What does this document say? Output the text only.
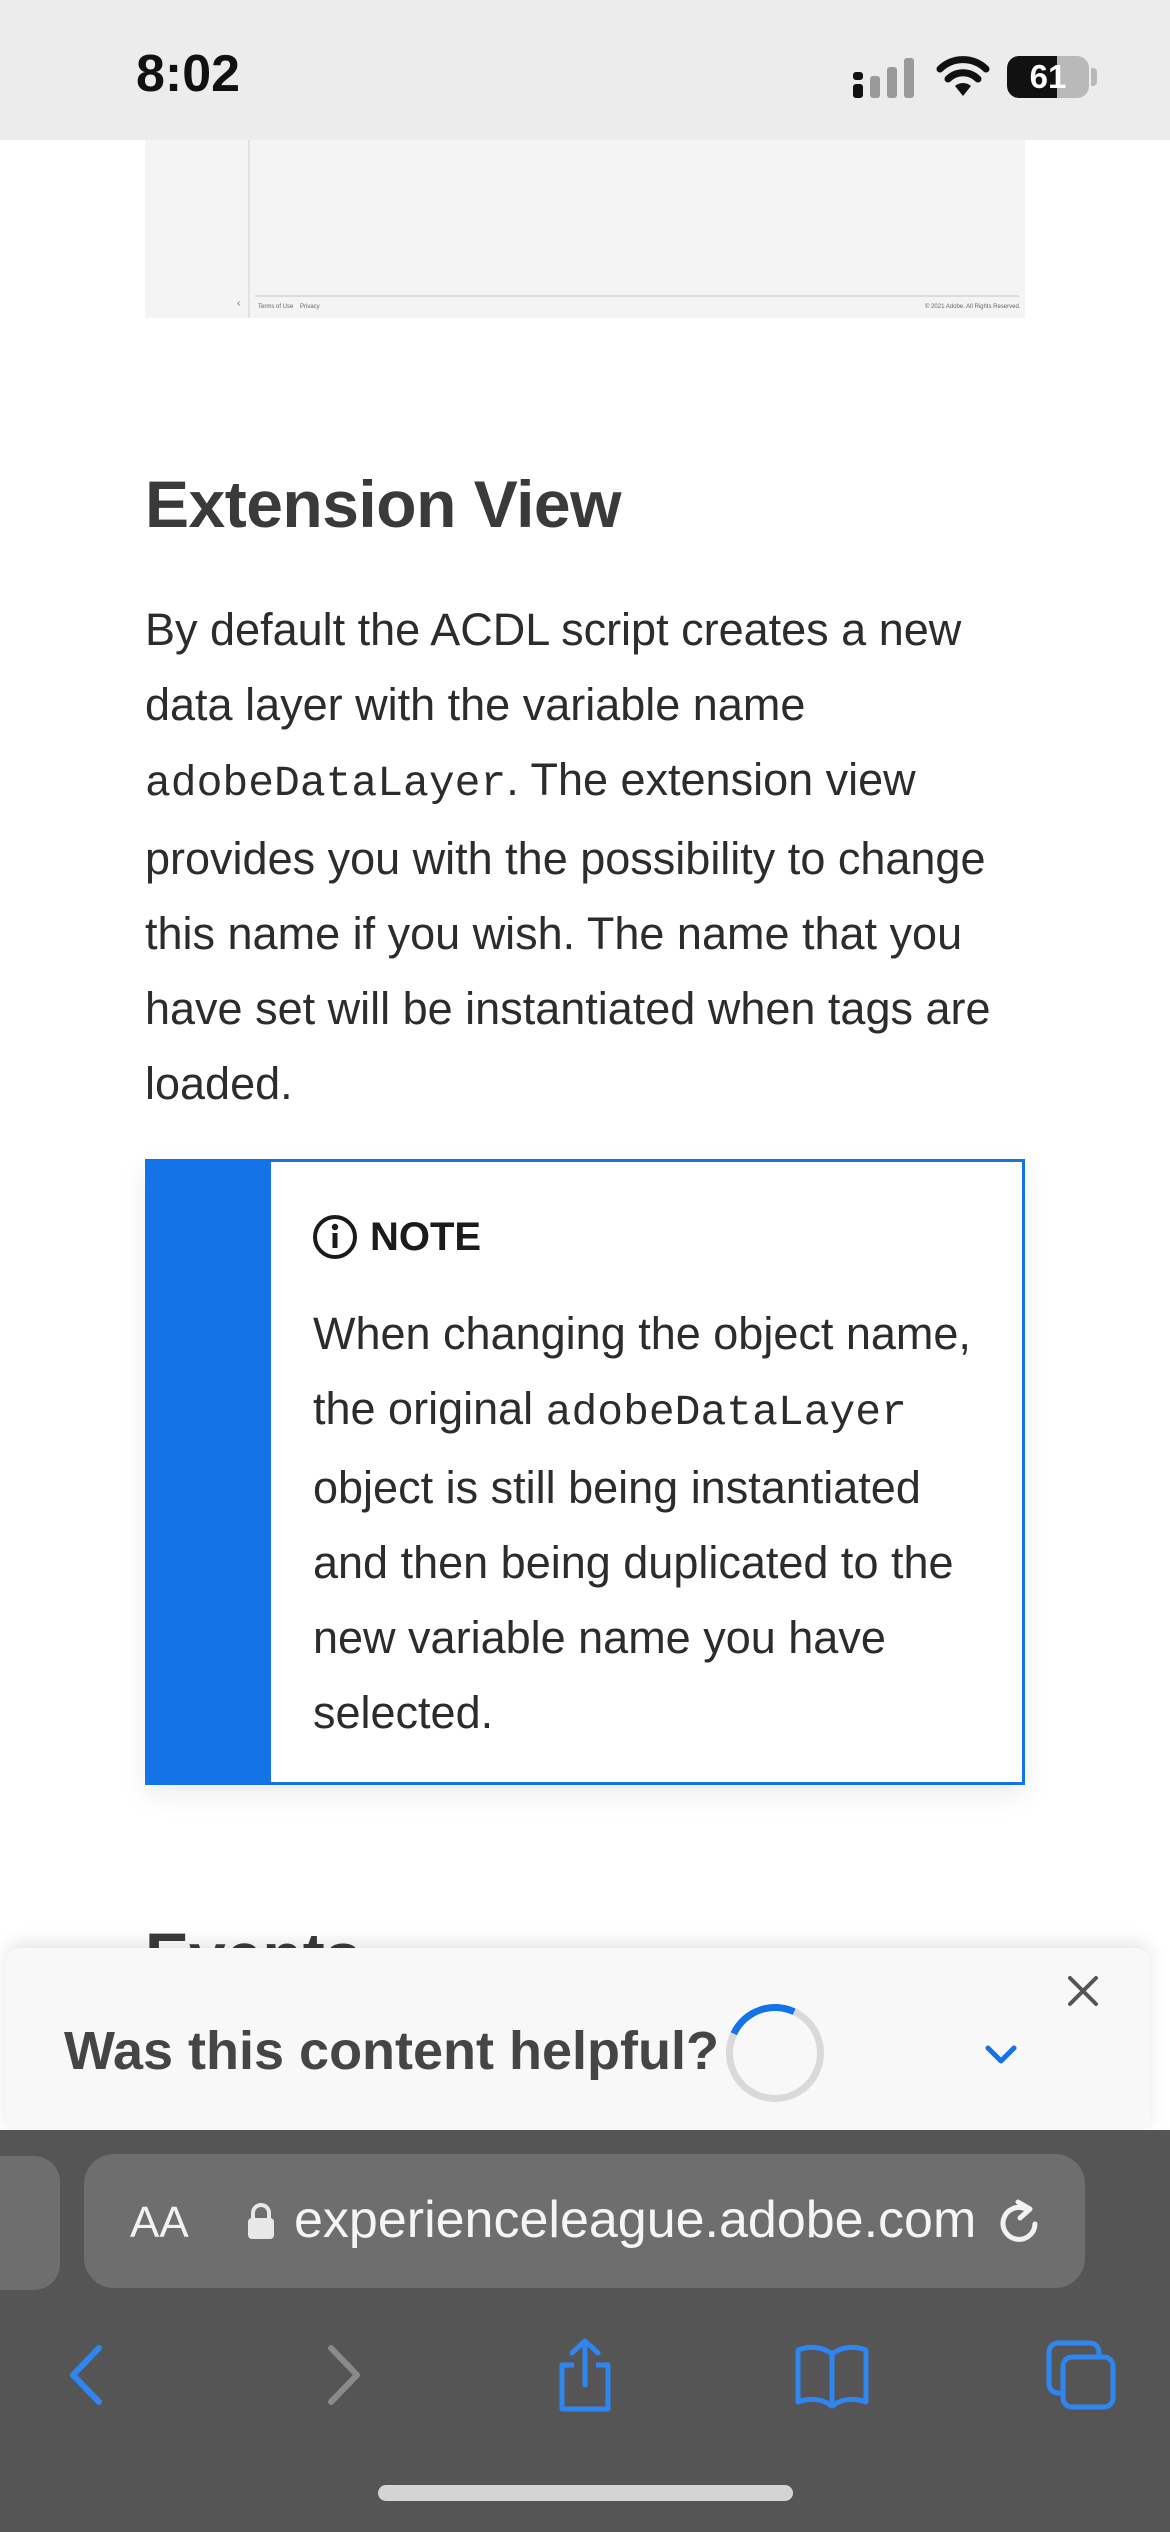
8:02	61
‹	Terms of Use Privacy	© 2021 Adobe. All Rights Reserved.
Extension View

By default the ACDL script creates a new data layer with the variable name adobeDataLayer. The extension view provides you with the possibility to change this name if you wish. The name that you have set will be instantiated when tags are loaded.

NOTE

When changing the object name, the original adobeDataLayer object is still being instantiated and then being duplicated to the new variable name you have selected.

Was this content helpful?
AA experienceleague.adobe.com
